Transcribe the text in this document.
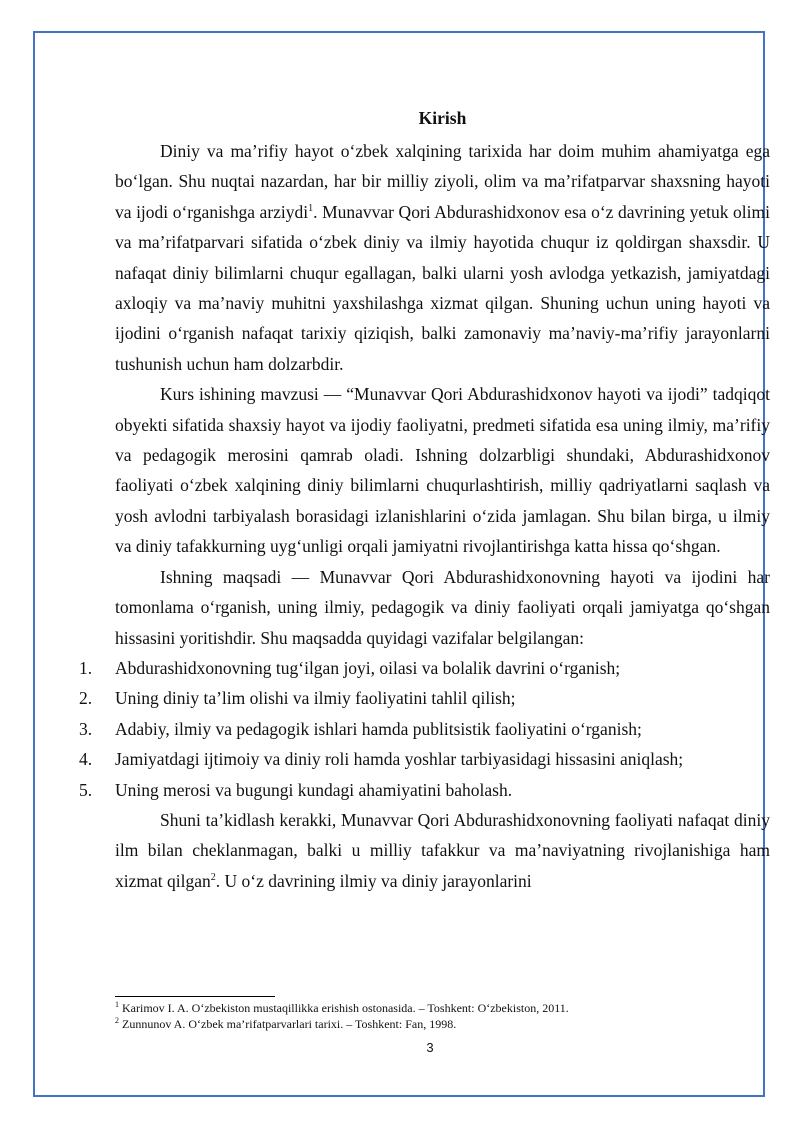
Kirish

Diniy va ma’rifiy hayot o‘zbek xalqining tarixida har doim muhim ahamiyatga ega bo‘lgan. Shu nuqtai nazardan, har bir milliy ziyoli, olim va ma’rifatparvar shaxsning hayoti va ijodi o‘rganishga arziydi$^1$. Munavvar Qori Abdurashidxonov esa o‘z davrining yetuk olimi va ma’rifatparvari sifatida o‘zbek diniy va ilmiy hayotida chuqur iz qoldirgan shaxsdir. U nafaqat diniy bilimlarni chuqur egallagan, balki ularni yosh avlodga yetkazish, jamiyatdagi axloqiy va ma’naviy muhitni yaxshilashga xizmat qilgan. Shuning uchun uning hayoti va ijodini o‘rganish nafaqat tarixiy qiziqish, balki zamonaviy ma’naviy-ma’rifiy jarayonlarni tushunish uchun ham dolzarbdir.

Kurs ishining mavzusi — “Munavvar Qori Abdurashidxonov hayoti va ijodi” tadqiqot obyekti sifatida shaxsiy hayot va ijodiy faoliyatni, predmeti sifatida esa uning ilmiy, ma’rifiy va pedagogik merosini qamrab oladi. Ishning dolzarbligi shundaki, Abdurashidxonov faoliyati o‘zbek xalqining diniy bilimlarni chuqurlashtirish, milliy qadriyatlarni saqlash va yosh avlodni tarbiyalash borasidagi izlanishlarini o‘zida jamlagan. Shu bilan birga, u ilmiy va diniy tafakkurning uyg‘unligi orqali jamiyatni rivojlantirishga katta hissa qo‘shgan.

Ishning maqsadi — Munavvar Qori Abdurashidxonovning hayoti va ijodini har tomonlama o‘rganish, uning ilmiy, pedagogik va diniy faoliyati orqali jamiyatga qo‘shgan hissasini yoritishdir. Shu maqsadda quyidagi vazifalar belgilangan:

1. Abdurashidxonovning tug‘ilgan joyi, oilasi va bolalik davrini o‘rganish;
2. Uning diniy ta’lim olishi va ilmiy faoliyatini tahlil qilish;
3. Adabiy, ilmiy va pedagogik ishlari hamda publitsistik faoliyatini o‘rganish;
4. Jamiyatdagi ijtimoiy va diniy roli hamda yoshlar tarbiyasidagi hissasini aniqlash;
5. Uning merosi va bugungi kundagi ahamiyatini baholash.

Shuni ta’kidlash kerakki, Munavvar Qori Abdurashidxonovning faoliyati nafaqat diniy ilm bilan cheklanmagan, balki u milliy tafakkur va ma’naviyatning rivojlanishiga ham xizmat qilgan$^2$. U o‘z davrining ilmiy va diniy jarayonlarini

$^1$ Karimov I. A. O‘zbekiston mustaqillikka erishish ostonasida. – Toshkent: O‘zbekiston, 2011.
$^2$ Zunnunov A. O‘zbek ma’rifatparvarlari tarixi. – Toshkent: Fan, 1998.
3
